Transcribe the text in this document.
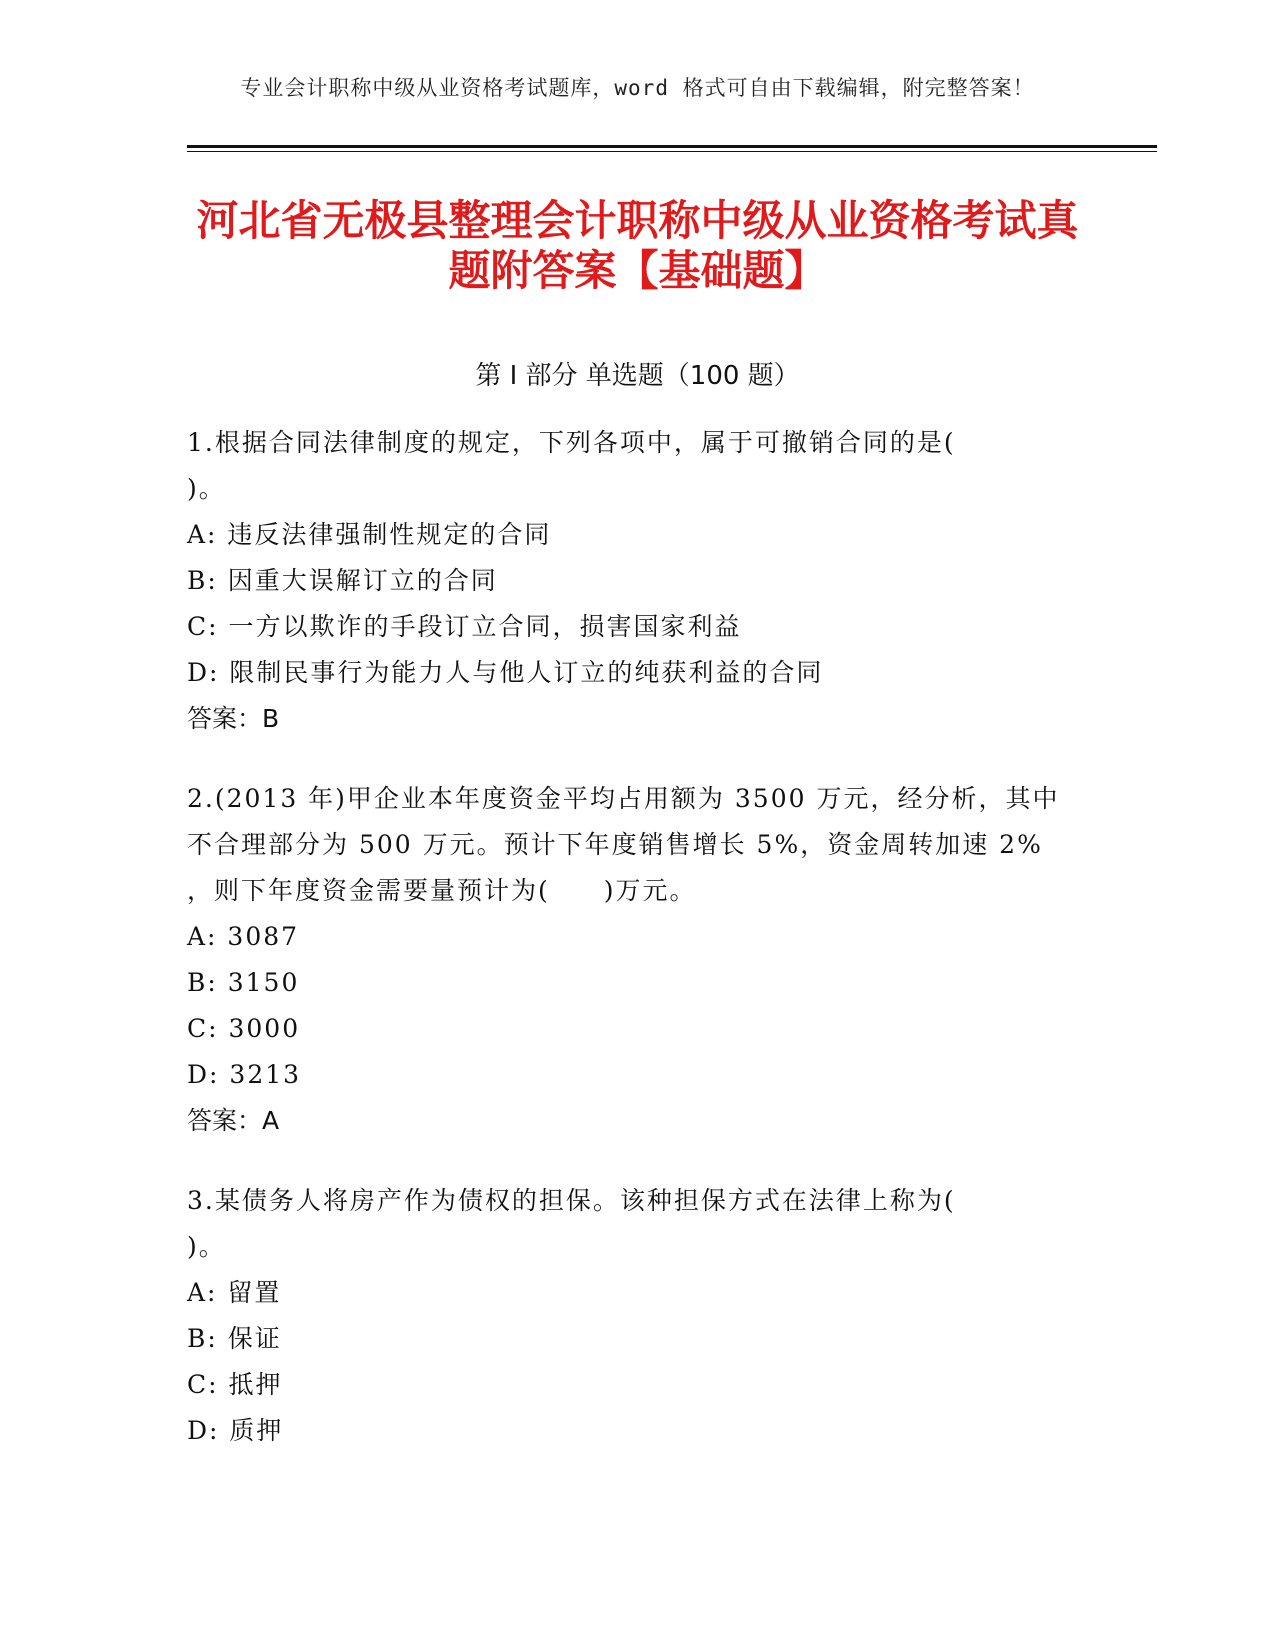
专业会计职称中级从业资格考试题库，word 格式可自由下载编辑，附完整答案！
河北省无极县整理会计职称中级从业资格考试真题附答案【基础题】
第 I 部分 单选题（100 题）

1.根据合同法律制度的规定，下列各项中，属于可撤销合同的是(

)。

A: 违反法律强制性规定的合同

B: 因重大误解订立的合同

C: 一方以欺诈的手段订立合同，损害国家利益

D: 限制民事行为能力人与他人订立的纯获利益的合同

答案：B

2.(2013 年)甲企业本年度资金平均占用额为 3500 万元，经分析，其中

不合理部分为 500 万元。预计下年度销售增长 5%，资金周转加速 2%

，则下年度资金需要量预计为(　　)万元。

A: 3087

B: 3150

C: 3000

D: 3213

答案：A

3.某债务人将房产作为债权的担保。该种担保方式在法律上称为(

)。

A: 留置

B: 保证

C: 抵押

D: 质押
